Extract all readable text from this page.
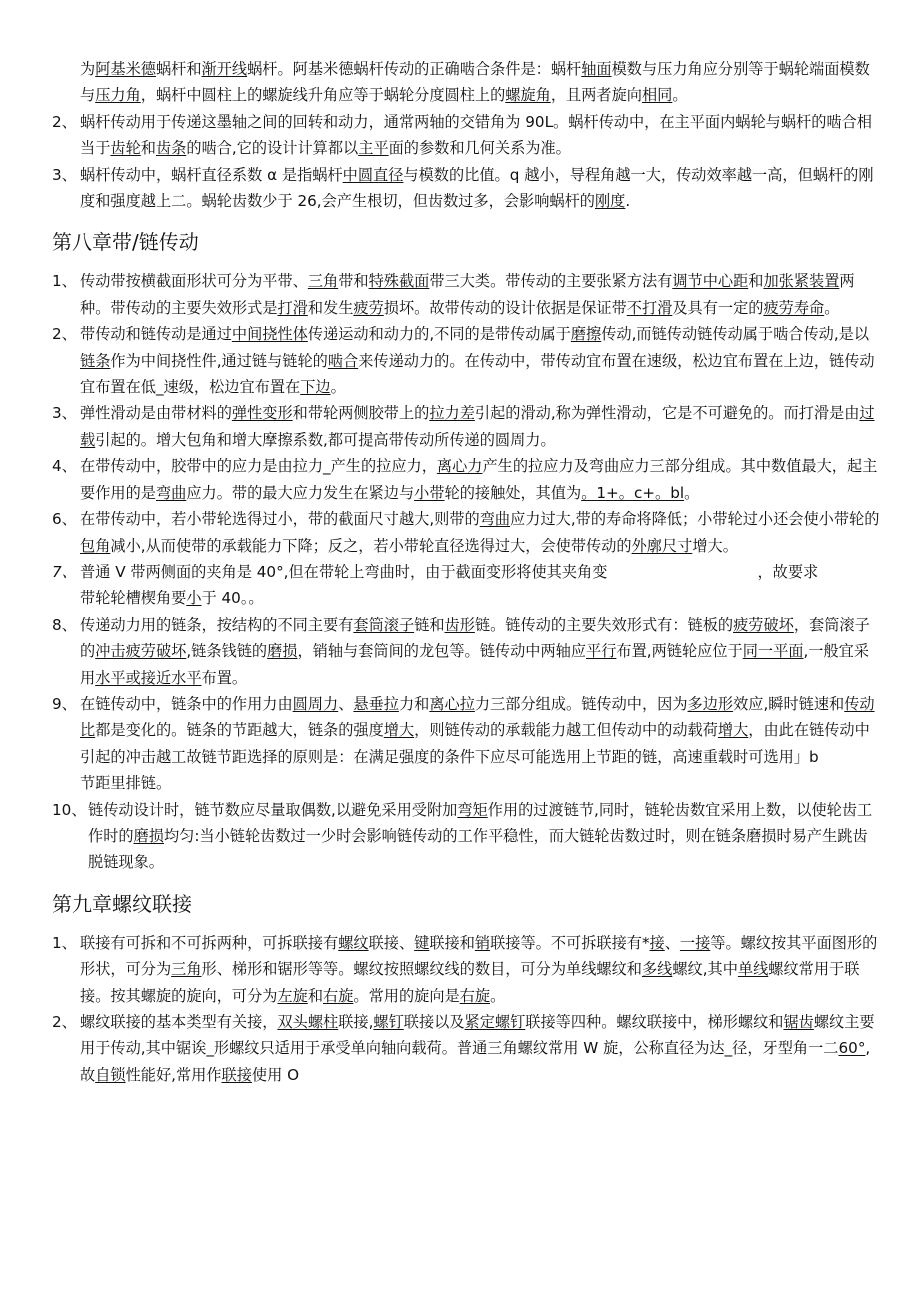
为阿基米德蜗杆和渐开线蜗杆。阿基米德蜗杆传动的正确啮合条件是：蜗杆轴面模数与压力角应分别等于蜗轮端面模数与压力角，蜗杆中圆柱上的螺旋线升角应等于蜗轮分度圆柱上的螺旋角，且两者旋向相同。
2、 蜗杆传动用于传递这墨轴之间的回转和动力，通常两轴的交错角为 90L。蜗杆传动中，在主平面内蜗轮与蜗杆的啮合相当于齿轮和齿条的啮合,它的设计计算都以主平面的参数和几何关系为准。
3、 蜗杆传动中，蜗杆直径系数 α 是指蜗杆中圆直径与模数的比值。q 越小，导程角越一大，传动效率越一高，但蜗杆的刚度和强度越上二。蜗轮齿数少于 26,会产生根切，但齿数过多，会影响蜗杆的刚度.
第八章带/链传动
1、 传动带按横截面形状可分为平带、三角带和特殊截面带三大类。带传动的主要张紧方法有调节中心距和加张紧装置两种。带传动的主要失效形式是打滑和发生疲劳损坏。故带传动的设计依据是保证带不打滑及具有一定的疲劳寿命。
2、 带传动和链传动是通过中间挠性体传递运动和动力的,不同的是带传动属于磨擦传动,而链传动链传动属于啮合传动,是以链条作为中间挠性件,通过链与链轮的啮合来传递动力的。在传动中，带传动宜布置在速级，松边宜布置在上边，链传动宜布置在低_速级，松边宜布置在下边。
3、 弹性滑动是由带材料的弹性变形和带轮两侧胶带上的拉力差引起的滑动,称为弹性滑动，它是不可避免的。而打滑是由过载引起的。增大包角和增大摩擦系数,都可提高带传动所传递的圆周力。
4、 在带传动中，胶带中的应力是由拉力_产生的拉应力，离心力产生的拉应力及弯曲应力三部分组成。其中数值最大，起主要作用的是弯曲应力。带的最大应力发生在紧边与小带轮的接触处，其值为。1+。c+。bl。
6、 在带传动中，若小带轮选得过小，带的截面尺寸越大,则带的弯曲应力过大,带的寿命将降低；小带轮过小还会使小带轮的包角减小,从而使带的承载能力下降；反之，若小带轮直径选得过大，会使带传动的外廓尺寸增大。
7、 普通 V 带两侧面的夹角是 40°,但在带轮上弯曲时，由于截面变形将使其夹角变	，故要求
带轮轮槽楔角要小于 40。。
8、 传递动力用的链条，按结构的不同主要有套筒滚子链和齿形链。链传动的主要失效形式有：链板的疲劳破坏，套筒滚子的冲击疲劳破坏,链条钱链的磨损，销轴与套筒间的龙包等。链传动中两轴应平行布置,两链轮应位于同一平面,一般宜采用水平或接近水平布置。
9、 在链传动中，链条中的作用力由圆周力、悬垂拉力和离心拉力三部分组成。链传动中，因为多边形效应,瞬时链速和传动比都是变化的。链条的节距越大，链条的强度增大，则链传动的承载能力越工但传动中的动载荷增大，由此在链传动中引起的冲击越工故链节距选择的原则是：在满足强度的条件下应尽可能选用上节距的链，高速重载时可选用」b

节距里排链。

10、 链传动设计时，链节数应尽量取偶数,以避免采用受附加弯矩作用的过渡链节,同时，链轮齿数宜采用上数，以使轮齿工作时的磨损均匀:当小链轮齿数过一少时会影响链传动的工作平稳性，而大链轮齿数过时，则在链条磨损时易产生跳齿脱链现象。
第九章螺纹联接
1、 联接有可拆和不可拆两种，可拆联接有螺纹联接、键联接和销联接等。不可拆联接有*接、一接等。螺纹按其平面图形的形状，可分为三角形、梯形和锯形等等。螺纹按照螺纹线的数目，可分为单线螺纹和多线螺纹,其中单线螺纹常用于联接。按其螺旋的旋向，可分为左旋和右旋。常用的旋向是右旋。
2、 螺纹联接的基本类型有关接，双头螺柱联接,螺钉联接以及紧定螺钉联接等四种。螺纹联接中，梯形螺纹和锯齿螺纹主要用于传动,其中锯诶_形螺纹只适用于承受单向轴向载荷。普通三角螺纹常用 W 旋，公称直径为达_径，牙型角一二60°,故自锁性能好,常用作联接使用 O
